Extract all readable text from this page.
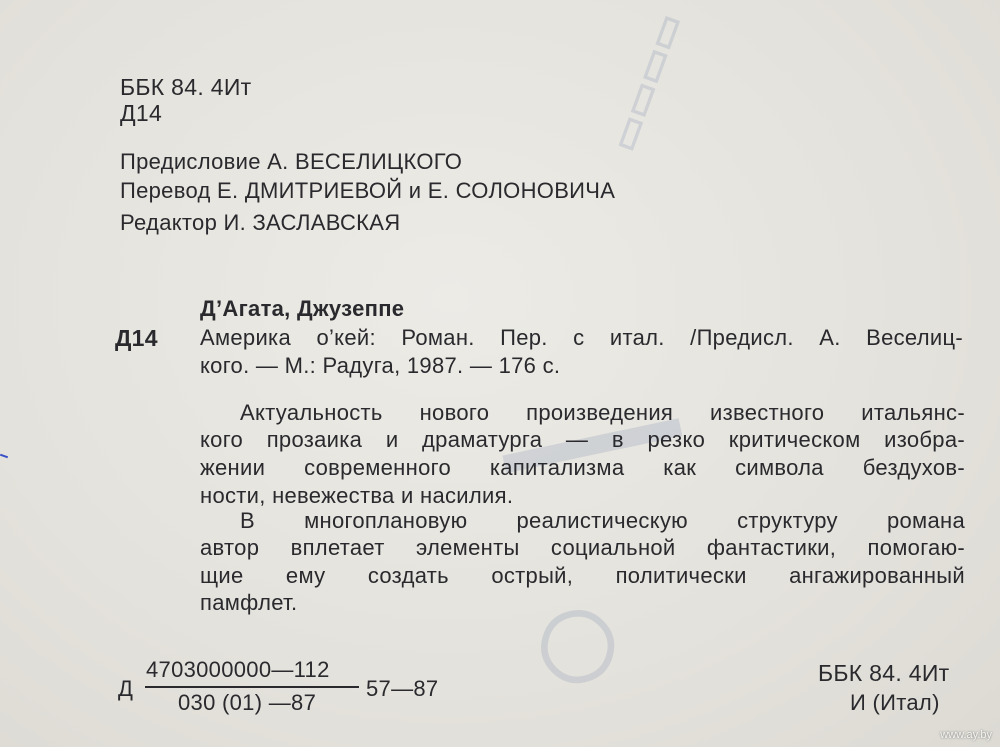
▭▭▭▭
▬▬▬
◯
ББК 84. 4Ит
Д14
Предисловие А. ВЕСЕЛИЦКОГО
Перевод Е. ДМИТРИЕВОЙ и Е. СОЛОНОВИЧА
Редактор И. ЗАСЛАВСКАЯ
Д’Агата, Джузеппе
Д14 Америка о’кей: Роман. Пер. с итал. /Предисл. А. Веселиц-
кого. — М.: Радуга, 1987. — 176 с.
Актуальность нового произведения известного итальянс-
кого прозаика и драматурга — в резко критическом изобра-
жении современного капитализма как символа бездухов-
ности, невежества и насилия.
В многоплановую реалистическую структуру романа
автор вплетает элементы социальной фантастики, помогаю-
щие ему создать острый, политически ангажированный
памфлет.
Д
4703000000—112
030 (01) —87
57—87
ББК 84. 4Ит
И (Итал)
www.ay.by
